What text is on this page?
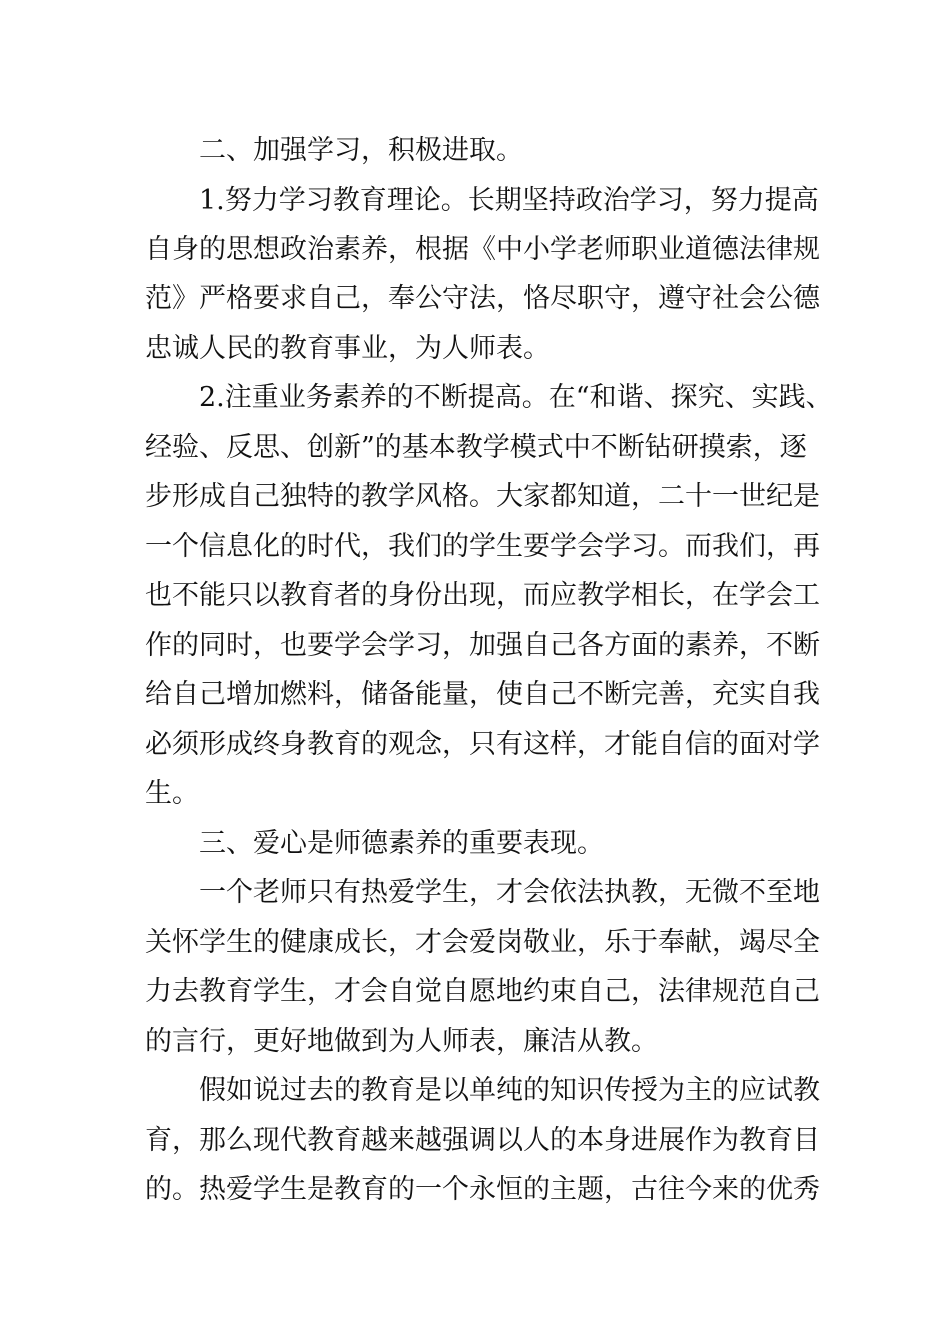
二、加强学习，积极进取。
1.努力学习教育理论。长期坚持政治学习，努力提高
自身的思想政治素养，根据《中小学老师职业道德法律规
范》严格要求自己，奉公守法，恪尽职守，遵守社会公德
忠诚人民的教育事业，为人师表。
2.注重业务素养的不断提高。在“和谐、探究、实践、
经验、反思、创新”的基本教学模式中不断钻研摸索，逐
步形成自己独特的教学风格。大家都知道，二十一世纪是
一个信息化的时代，我们的学生要学会学习。而我们，再
也不能只以教育者的身份出现，而应教学相长，在学会工
作的同时，也要学会学习，加强自己各方面的素养，不断
给自己增加燃料，储备能量，使自己不断完善，充实自我
必须形成终身教育的观念，只有这样，才能自信的面对学
生。
三、爱心是师德素养的重要表现。
一个老师只有热爱学生，才会依法执教，无微不至地
关怀学生的健康成长，才会爱岗敬业，乐于奉献，竭尽全
力去教育学生，才会自觉自愿地约束自己，法律规范自己
的言行，更好地做到为人师表，廉洁从教。
假如说过去的教育是以单纯的知识传授为主的应试教
育，那么现代教育越来越强调以人的本身进展作为教育目
的。热爱学生是教育的一个永恒的主题，古往今来的优秀
